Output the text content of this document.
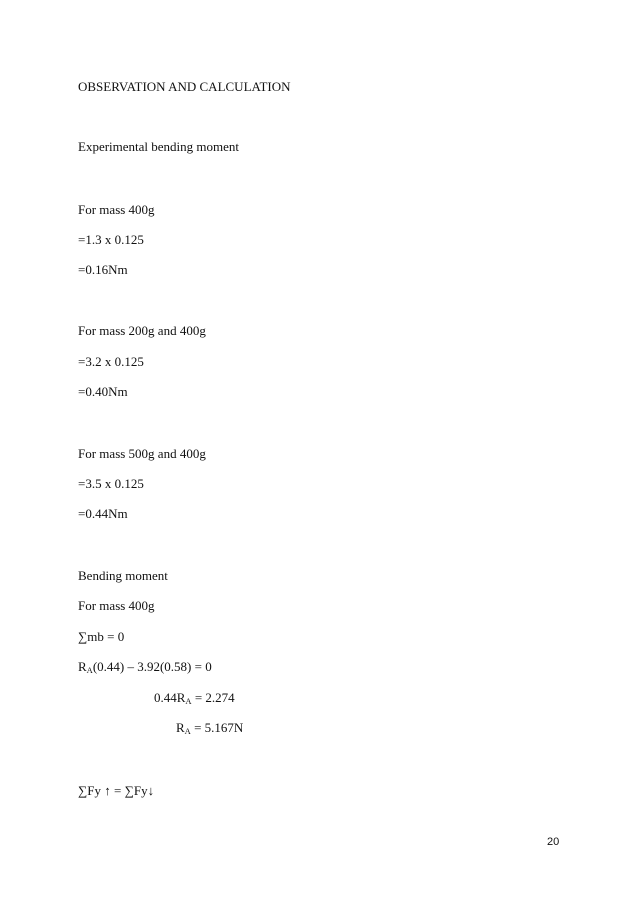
OBSERVATION AND CALCULATION
Experimental bending moment
For mass 400g
=1.3 x 0.125
=0.16Nm
For mass 200g and 400g
=3.2 x 0.125
=0.40Nm
For mass 500g and 400g
=3.5 x 0.125
=0.44Nm
Bending moment
For mass 400g
∑mb = 0
$R_A(0.44) - 3.92(0.58) = 0$
$0.44R_A = 2.274$
$R_A = 5.167N$
∑Fy ↑ = ∑Fy↓
20
